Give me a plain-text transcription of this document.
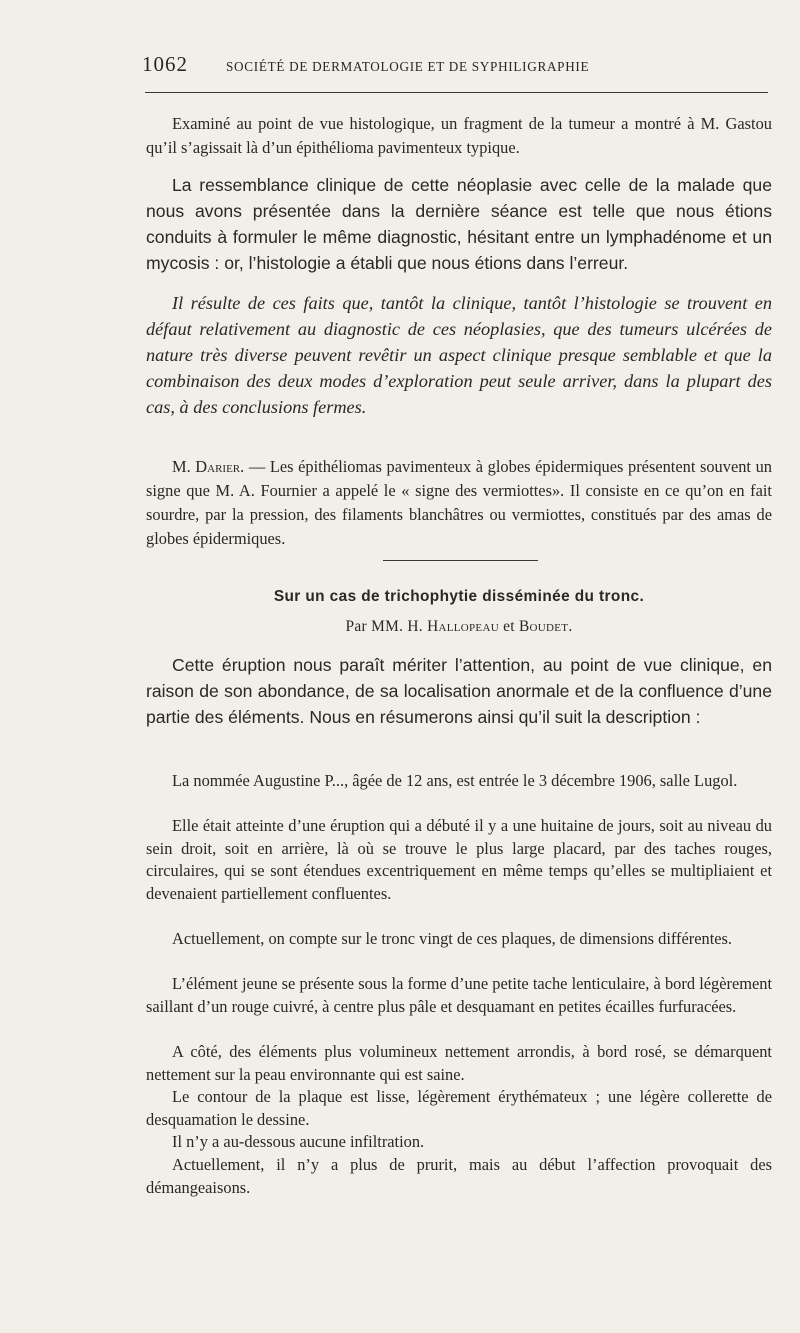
1062	SOCIÉTÉ DE DERMATOLOGIE ET DE SYPHILIGRAPHIE

Examiné au point de vue histologique, un fragment de la tumeur a montré à M. Gastou qu’il s’agissait là d’un épithélioma pavimenteux typique.

La ressemblance clinique de cette néoplasie avec celle de la malade que nous avons présentée dans la dernière séance est telle que nous étions conduits à formuler le même diagnostic, hésitant entre un lymphadénome et un mycosis : or, l’histologie a établi que nous étions dans l’erreur.

Il résulte de ces faits que, tantôt la clinique, tantôt l’histologie se trouvent en défaut relativement au diagnostic de ces néoplasies, que des tumeurs ulcérées de nature très diverse peuvent revêtir un aspect clinique presque semblable et que la combinaison des deux modes d’exploration peut seule arriver, dans la plupart des cas, à des conclusions fermes.

M. Darier. — Les épithéliomas pavimenteux à globes épidermiques présentent souvent un signe que M. A. Fournier a appelé le « signe des vermiottes». Il consiste en ce qu’on en fait sourdre, par la pression, des filaments blanchâtres ou vermiottes, constitués par des amas de globes épidermiques.

Sur un cas de trichophytie disséminée du tronc.

Par MM. H. Hallopeau et Boudet.

Cette éruption nous paraît mériter l’attention, au point de vue clinique, en raison de son abondance, de sa localisation anormale et de la confluence d’une partie des éléments. Nous en résumerons ainsi qu’il suit la description :

La nommée Augustine P..., âgée de 12 ans, est entrée le 3 décembre 1906, salle Lugol.

Elle était atteinte d’une éruption qui a débuté il y a une huitaine de jours, soit au niveau du sein droit, soit en arrière, là où se trouve le plus large placard, par des taches rouges, circulaires, qui se sont étendues excentriquement en même temps qu’elles se multipliaient et devenaient partiellement confluentes.

Actuellement, on compte sur le tronc vingt de ces plaques, de dimensions différentes.

L’élément jeune se présente sous la forme d’une petite tache lenticulaire, à bord légèrement saillant d’un rouge cuivré, à centre plus pâle et desquamant en petites écailles furfuracées.

A côté, des éléments plus volumineux nettement arrondis, à bord rosé, se démarquent nettement sur la peau environnante qui est saine.

Le contour de la plaque est lisse, légèrement érythémateux ; une légère collerette de desquamation le dessine.

Il n’y a au-dessous aucune infiltration.

Actuellement, il n’y a plus de prurit, mais au début l’affection provoquait des démangeaisons.
